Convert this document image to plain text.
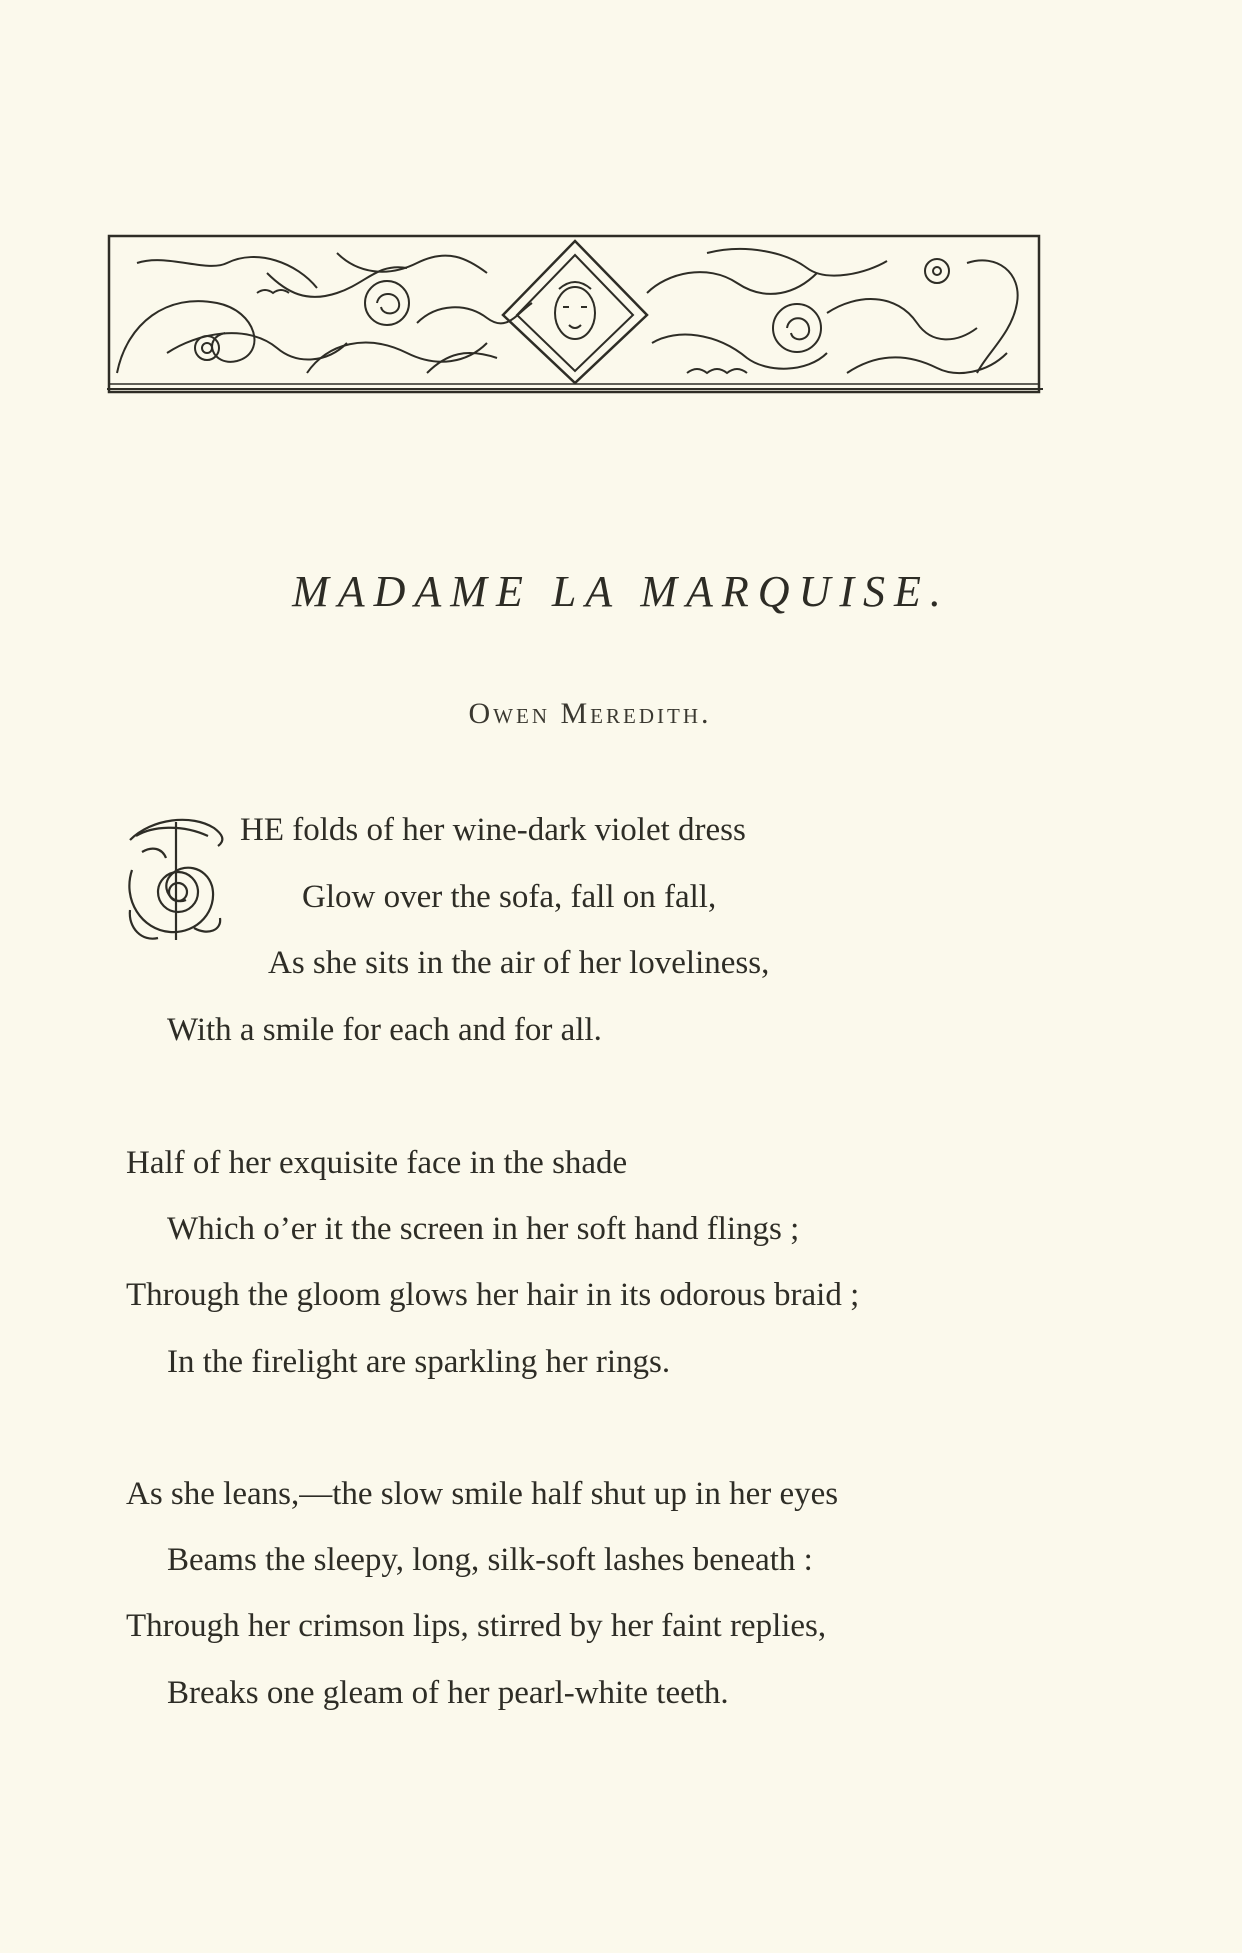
MADAME LA MARQUISE.
Owen Meredith.
T
HE folds of her wine-dark violet dress
Glow over the sofa, fall on fall,
As she sits in the air of her loveliness,
With a smile for each and for all.
Half of her exquisite face in the shade
Which o’er it the screen in her soft hand flings ;
Through the gloom glows her hair in its odorous braid ;
In the firelight are sparkling her rings.
As she leans,—the slow smile half shut up in her eyes
Beams the sleepy, long, silk-soft lashes beneath :
Through her crimson lips, stirred by her faint replies,
Breaks one gleam of her pearl-white teeth.
